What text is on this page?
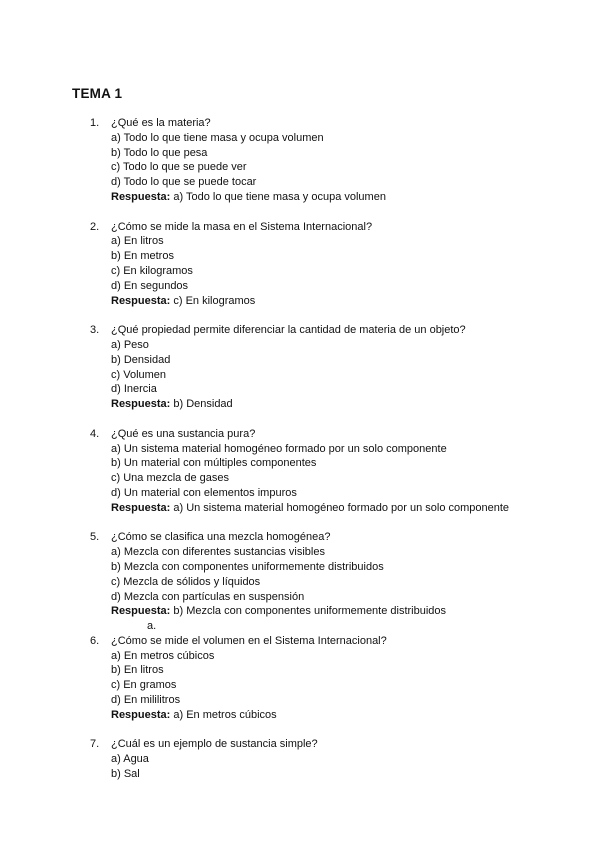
TEMA 1
1. ¿Qué es la materia?
a) Todo lo que tiene masa y ocupa volumen
b) Todo lo que pesa
c) Todo lo que se puede ver
d) Todo lo que se puede tocar
Respuesta: a) Todo lo que tiene masa y ocupa volumen
2. ¿Cómo se mide la masa en el Sistema Internacional?
a) En litros
b) En metros
c) En kilogramos
d) En segundos
Respuesta: c) En kilogramos
3. ¿Qué propiedad permite diferenciar la cantidad de materia de un objeto?
a) Peso
b) Densidad
c) Volumen
d) Inercia
Respuesta: b) Densidad
4. ¿Qué es una sustancia pura?
a) Un sistema material homogéneo formado por un solo componente
b) Un material con múltiples componentes
c) Una mezcla de gases
d) Un material con elementos impuros
Respuesta: a) Un sistema material homogéneo formado por un solo componente
5. ¿Cómo se clasifica una mezcla homogénea?
a) Mezcla con diferentes sustancias visibles
b) Mezcla con componentes uniformemente distribuidos
c) Mezcla de sólidos y líquidos
d) Mezcla con partículas en suspensión
Respuesta: b) Mezcla con componentes uniformemente distribuidos
a.
6. ¿Cómo se mide el volumen en el Sistema Internacional?
a) En metros cúbicos
b) En litros
c) En gramos
d) En mililitros
Respuesta: a) En metros cúbicos
7. ¿Cuál es un ejemplo de sustancia simple?
a) Agua
b) Sal
